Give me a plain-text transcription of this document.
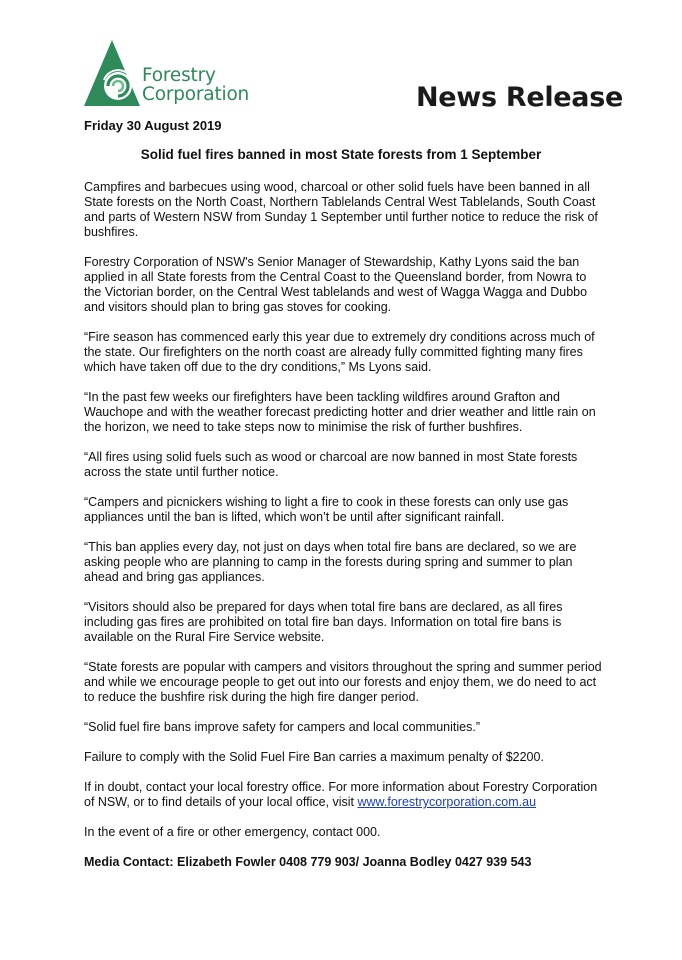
Forestry
Corporation	News Release
Friday 30 August 2019
Solid fuel fires banned in most State forests from 1 September

Campfires and barbecues using wood, charcoal or other solid fuels have been banned in all State forests on the North Coast, Northern Tablelands Central West Tablelands, South Coast and parts of Western NSW from Sunday 1 September until further notice to reduce the risk of bushfires.

Forestry Corporation of NSW's Senior Manager of Stewardship, Kathy Lyons said the ban applied in all State forests from the Central Coast to the Queensland border, from Nowra to the Victorian border, on the Central West tablelands and west of Wagga Wagga and Dubbo and visitors should plan to bring gas stoves for cooking.

“Fire season has commenced early this year due to extremely dry conditions across much of the state. Our firefighters on the north coast are already fully committed fighting many fires which have taken off due to the dry conditions,” Ms Lyons said.

“In the past few weeks our firefighters have been tackling wildfires around Grafton and Wauchope and with the weather forecast predicting hotter and drier weather and little rain on the horizon, we need to take steps now to minimise the risk of further bushfires.

“All fires using solid fuels such as wood or charcoal are now banned in most State forests across the state until further notice.

“Campers and picnickers wishing to light a fire to cook in these forests can only use gas appliances until the ban is lifted, which won’t be until after significant rainfall.

“This ban applies every day, not just on days when total fire bans are declared, so we are asking people who are planning to camp in the forests during spring and summer to plan ahead and bring gas appliances.

“Visitors should also be prepared for days when total fire bans are declared, as all fires including gas fires are prohibited on total fire ban days. Information on total fire bans is available on the Rural Fire Service website.

“State forests are popular with campers and visitors throughout the spring and summer period and while we encourage people to get out into our forests and enjoy them, we do need to act to reduce the bushfire risk during the high fire danger period.

“Solid fuel fire bans improve safety for campers and local communities.”

Failure to comply with the Solid Fuel Fire Ban carries a maximum penalty of $2200.

If in doubt, contact your local forestry office. For more information about Forestry Corporation of NSW, or to find details of your local office, visit www.forestrycorporation.com.au

In the event of a fire or other emergency, contact 000.

Media Contact: Elizabeth Fowler 0408 779 903/ Joanna Bodley 0427 939 543
